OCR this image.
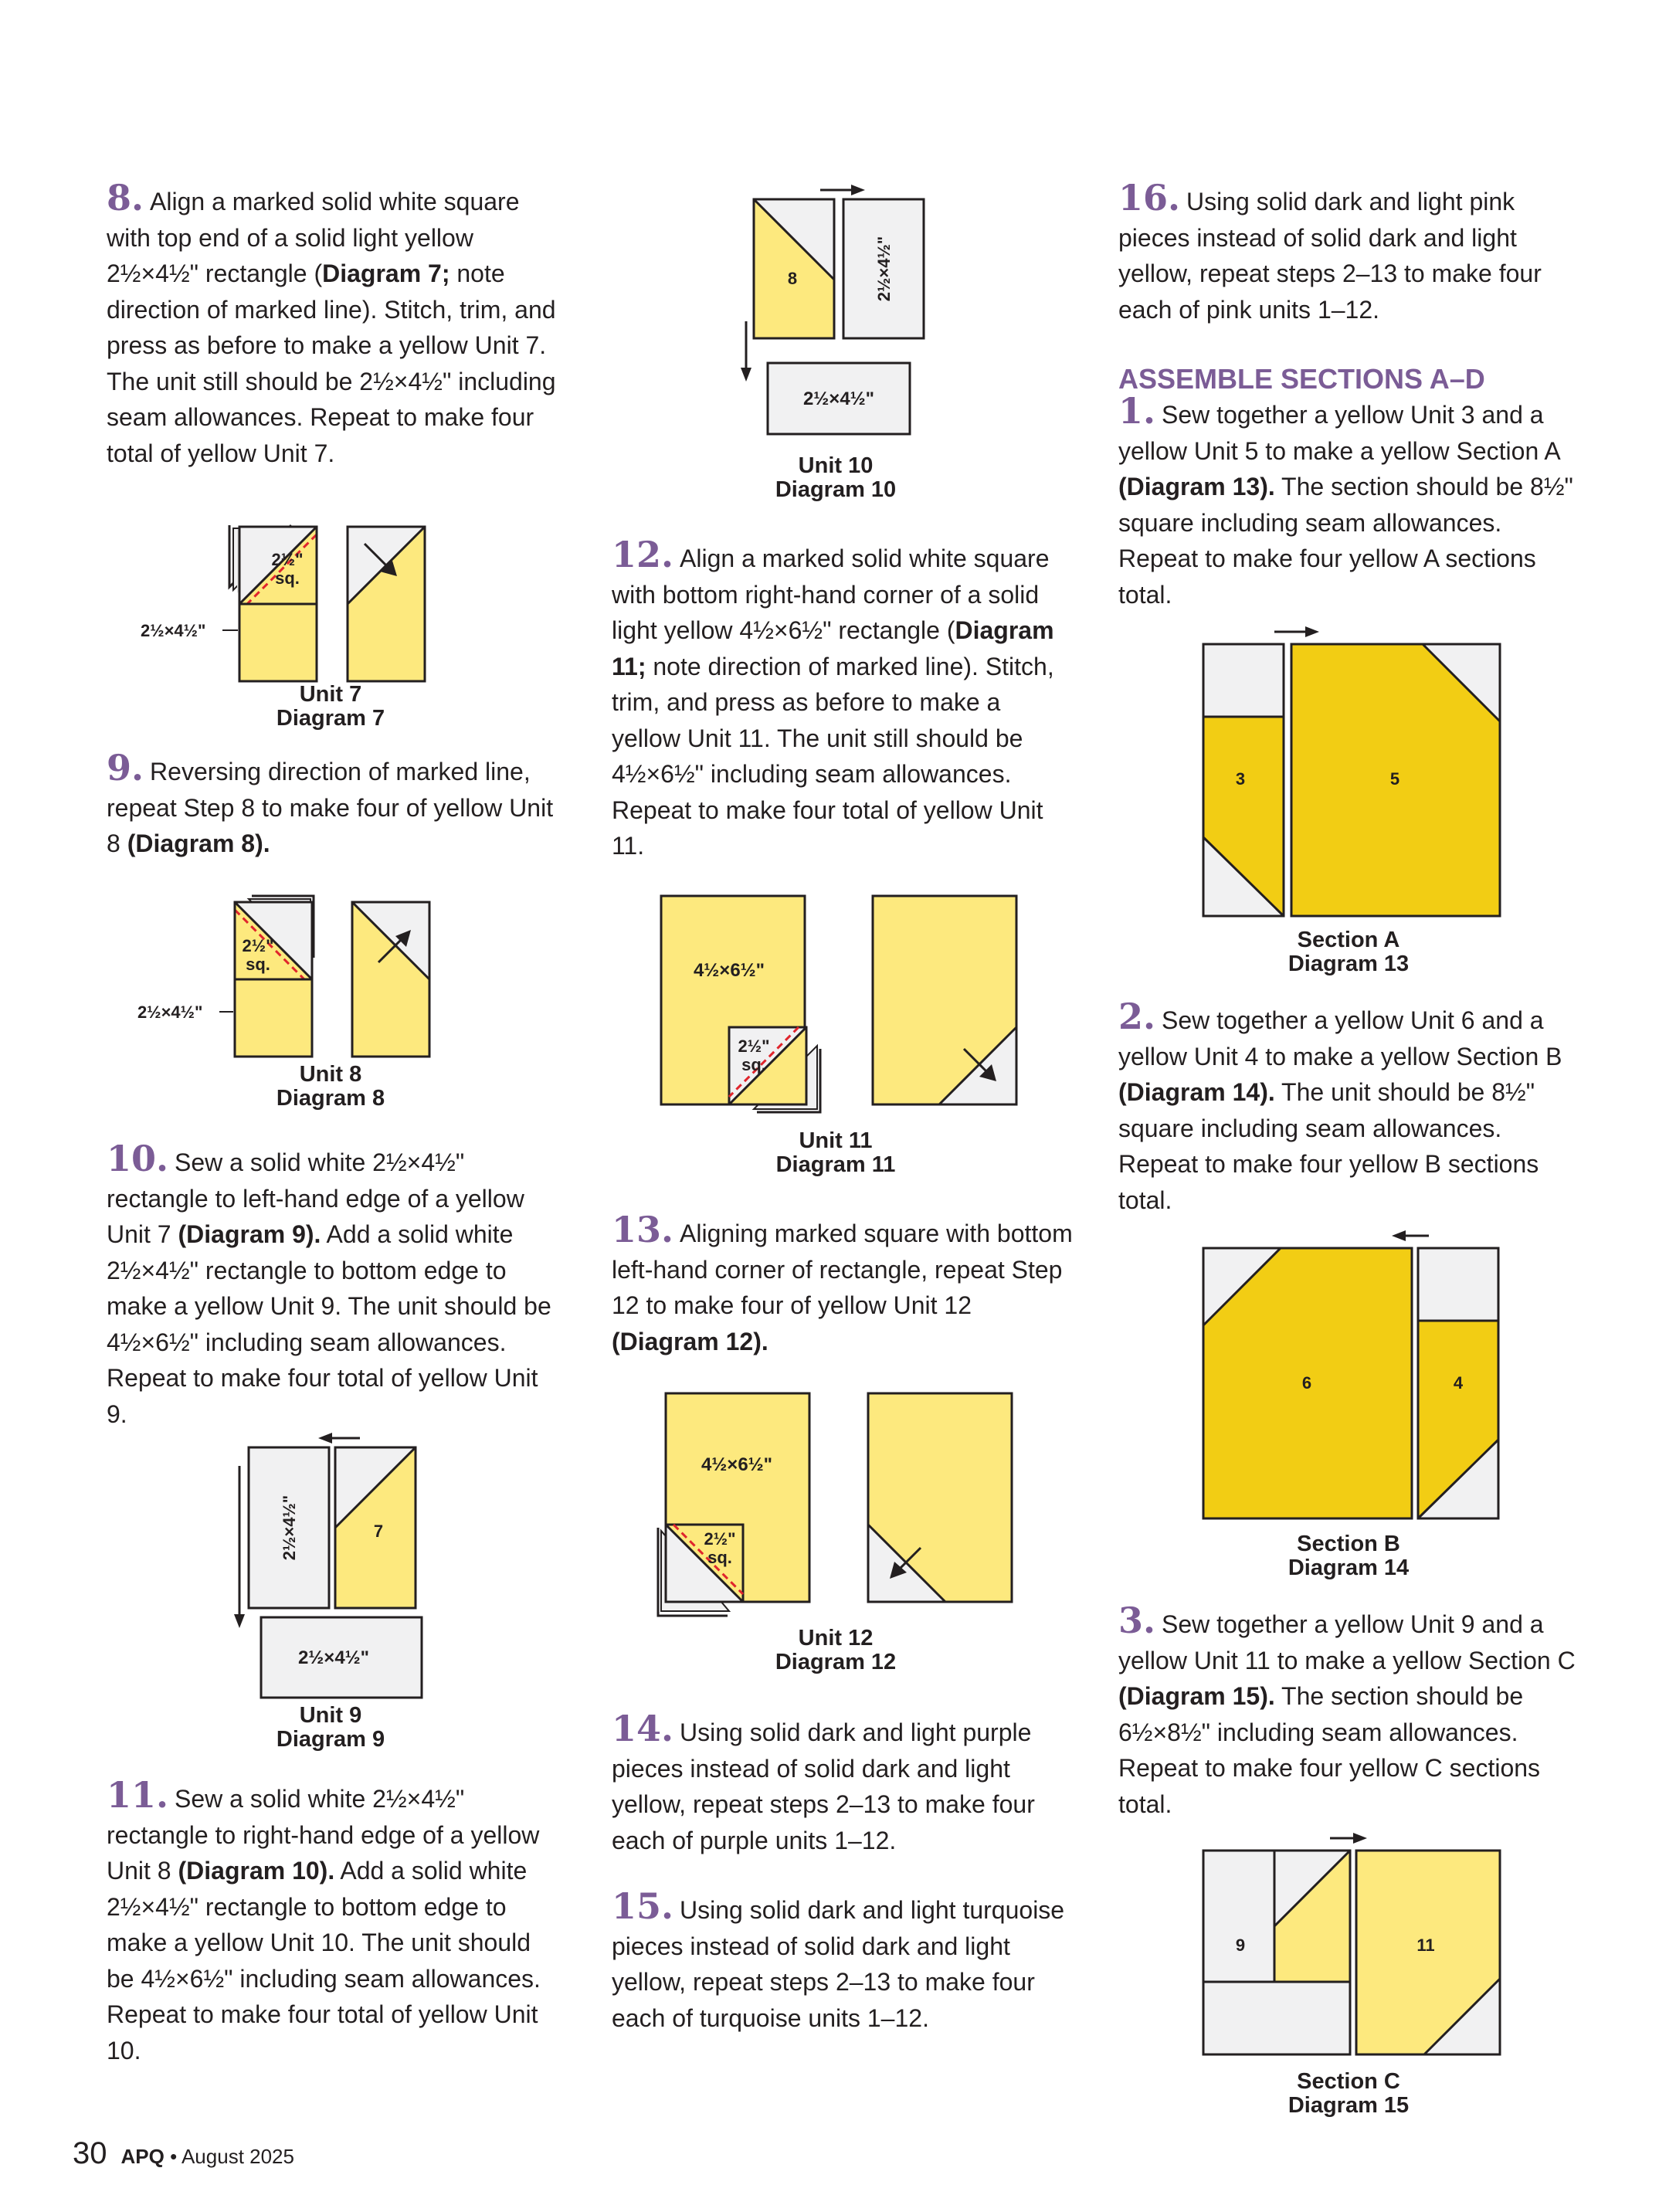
8. Align a marked solid white square with top end of a solid light yellow 2½×4½" rectangle (Diagram 7; note direction of marked line). Stitch, trim, and press as before to make a yellow Unit 7. The unit still should be 2½×4½" including seam allowances. Repeat to make four total of yellow Unit 7.

2½"
sq.
2½×4½"
Unit 7
Diagram 7

9. Reversing direction of marked line, repeat Step 8 to make four of yellow Unit 8 (Diagram 8).

2½"
sq.
2½×4½"
Unit 8
Diagram 8

10. Sew a solid white 2½×4½" rectangle to left-hand edge of a yellow Unit 7 (Diagram 9). Add a solid white 2½×4½" rectangle to bottom edge to make a yellow Unit 9. The unit should be 4½×6½" including seam allowances. Repeat to make four total of yellow Unit 9.

2½×4½"	7
2½×4½"
Unit 9
Diagram 9

11. Sew a solid white 2½×4½" rectangle to right-hand edge of a yellow Unit 8 (Diagram 10). Add a solid white 2½×4½" rectangle to bottom edge to make a yellow Unit 10. The unit should be 4½×6½" including seam allowances. Repeat to make four total of yellow Unit 10.

8	2½×4½"
2½×4½"
Unit 10
Diagram 10

12. Align a marked solid white square with bottom right-hand corner of a solid light yellow 4½×6½" rectangle (Diagram 11; note direction of marked line). Stitch, trim, and press as before to make a yellow Unit 11. The unit still should be 4½×6½" including seam allowances. Repeat to make four total of yellow Unit 11.

4½×6½"
2½"
sq.
Unit 11
Diagram 11

13. Aligning marked square with bottom left-hand corner of rectangle, repeat Step 12 to make four of yellow Unit 12 (Diagram 12).

4½×6½"
2½"
sq.
Unit 12
Diagram 12

14. Using solid dark and light purple pieces instead of solid dark and light yellow, repeat steps 2–13 to make four each of purple units 1–12.

15. Using solid dark and light turquoise pieces instead of solid dark and light yellow, repeat steps 2–13 to make four each of turquoise units 1–12.

16. Using solid dark and light pink pieces instead of solid dark and light yellow, repeat steps 2–13 to make four each of pink units 1–12.

ASSEMBLE SECTIONS A–D

1. Sew together a yellow Unit 3 and a yellow Unit 5 to make a yellow Section A (Diagram 13). The section should be 8½" square including seam allowances. Repeat to make four yellow A sections total.

3	5
Section A
Diagram 13

2. Sew together a yellow Unit 6 and a yellow Unit 4 to make a yellow Section B (Diagram 14). The unit should be 8½" square including seam allowances. Repeat to make four yellow B sections total.

6	4
Section B
Diagram 14

3. Sew together a yellow Unit 9 and a yellow Unit 11 to make a yellow Section C (Diagram 15). The section should be 6½×8½" including seam allowances. Repeat to make four yellow C sections total.

9	11
Section C
Diagram 15
30 APQ • August 2025
